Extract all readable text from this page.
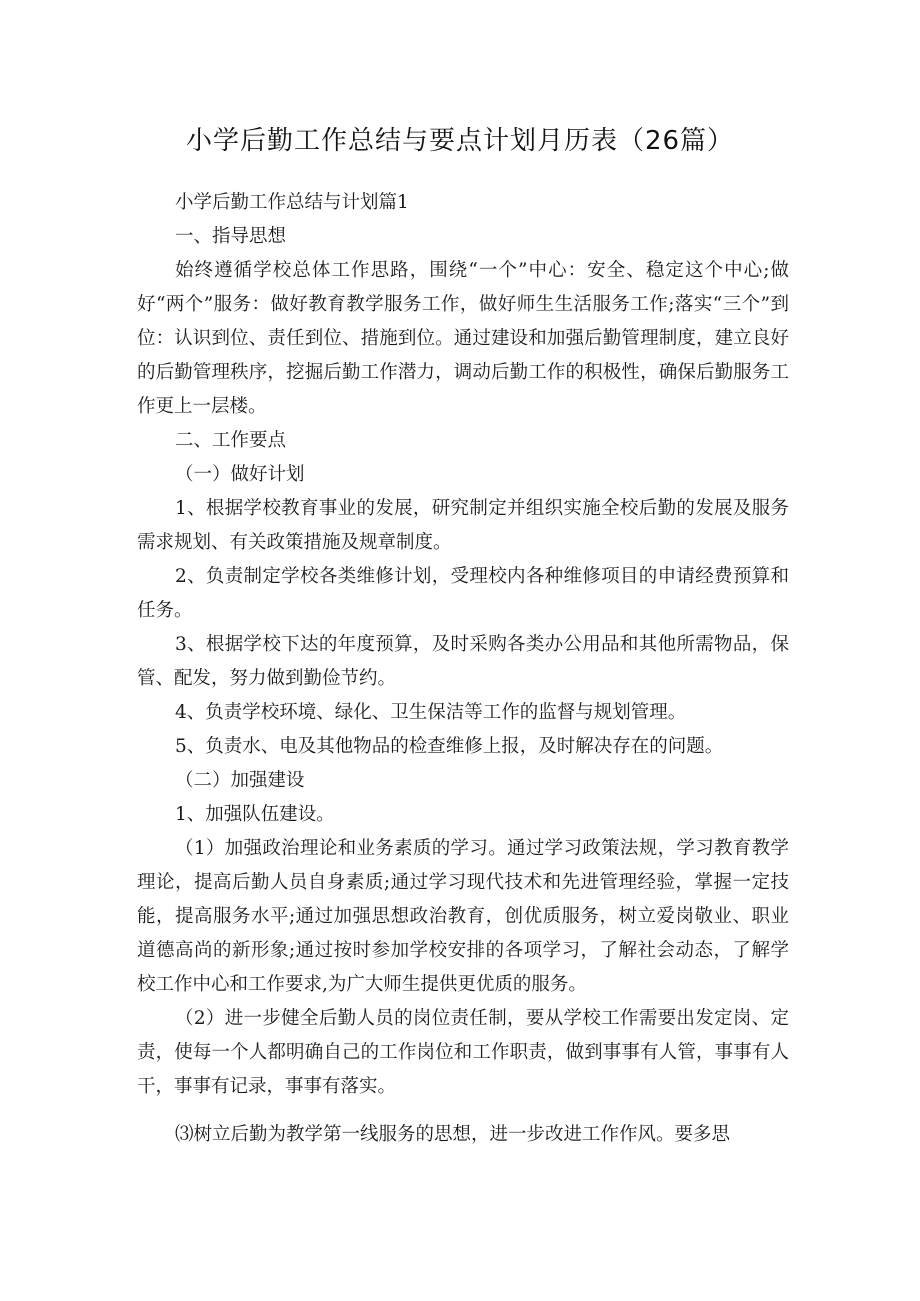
小学后勤工作总结与要点计划月历表（26篇）

小学后勤工作总结与计划篇1

一、指导思想

始终遵循学校总体工作思路，围绕“一个”中心：安全、稳定这个中心;做好“两个”服务：做好教育教学服务工作，做好师生生活服务工作;落实“三个”到位：认识到位、责任到位、措施到位。通过建设和加强后勤管理制度，建立良好的后勤管理秩序，挖掘后勤工作潜力，调动后勤工作的积极性，确保后勤服务工作更上一层楼。

二、工作要点

（一）做好计划

1、根据学校教育事业的发展，研究制定并组织实施全校后勤的发展及服务需求规划、有关政策措施及规章制度。

2、负责制定学校各类维修计划，受理校内各种维修项目的申请经费预算和任务。

3、根据学校下达的年度预算，及时采购各类办公用品和其他所需物品，保管、配发，努力做到勤俭节约。

4、负责学校环境、绿化、卫生保洁等工作的监督与规划管理。

5、负责水、电及其他物品的检查维修上报，及时解决存在的问题。

（二）加强建设

1、加强队伍建设。

（1）加强政治理论和业务素质的学习。通过学习政策法规，学习教育教学理论，提高后勤人员自身素质;通过学习现代技术和先进管理经验，掌握一定技能，提高服务水平;通过加强思想政治教育，创优质服务，树立爱岗敬业、职业道德高尚的新形象;通过按时参加学校安排的各项学习，了解社会动态，了解学校工作中心和工作要求,为广大师生提供更优质的服务。

（2）进一步健全后勤人员的岗位责任制，要从学校工作需要出发定岗、定责，使每一个人都明确自己的工作岗位和工作职责，做到事事有人管，事事有人干，事事有记录，事事有落实。

⑶树立后勤为教学第一线服务的思想，进一步改进工作作风。要多思
